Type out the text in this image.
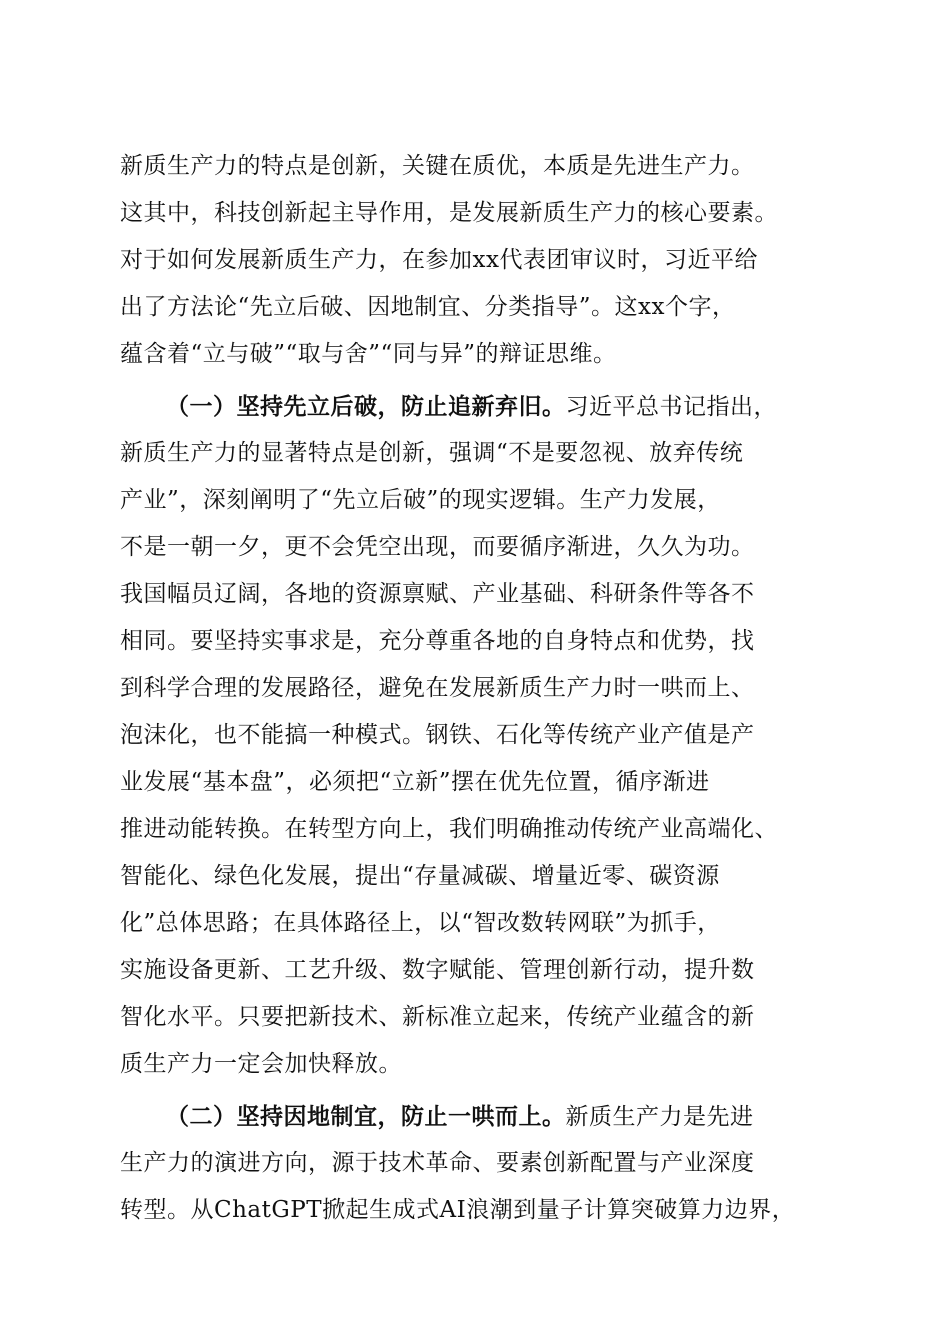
新质生产力的特点是创新，关键在质优，本质是先进生产力。
这其中，科技创新起主导作用，是发展新质生产力的核心要素。
对于如何发展新质生产力，在参加xx代表团审议时，习近平给
出了方法论“先立后破、因地制宜、分类指导”。这xx个字，
蕴含着“立与破”“取与舍”“同与异”的辩证思维。
（一）坚持先立后破，防止追新弃旧。习近平总书记指出，
新质生产力的显著特点是创新，强调“不是要忽视、放弃传统
产业”，深刻阐明了“先立后破”的现实逻辑。生产力发展，
不是一朝一夕，更不会凭空出现，而要循序渐进，久久为功。
我国幅员辽阔，各地的资源禀赋、产业基础、科研条件等各不
相同。要坚持实事求是，充分尊重各地的自身特点和优势，找
到科学合理的发展路径，避免在发展新质生产力时一哄而上、
泡沫化，也不能搞一种模式。钢铁、石化等传统产业产值是产
业发展“基本盘”，必须把“立新”摆在优先位置，循序渐进
推进动能转换。在转型方向上，我们明确推动传统产业高端化、
智能化、绿色化发展，提出“存量减碳、增量近零、碳资源
化”总体思路；在具体路径上，以“智改数转网联”为抓手，
实施设备更新、工艺升级、数字赋能、管理创新行动，提升数
智化水平。只要把新技术、新标准立起来，传统产业蕴含的新
质生产力一定会加快释放。
（二）坚持因地制宜，防止一哄而上。新质生产力是先进
生产力的演进方向，源于技术革命、要素创新配置与产业深度
转型。从ChatGPT掀起生成式AI浪潮到量子计算突破算力边界，
